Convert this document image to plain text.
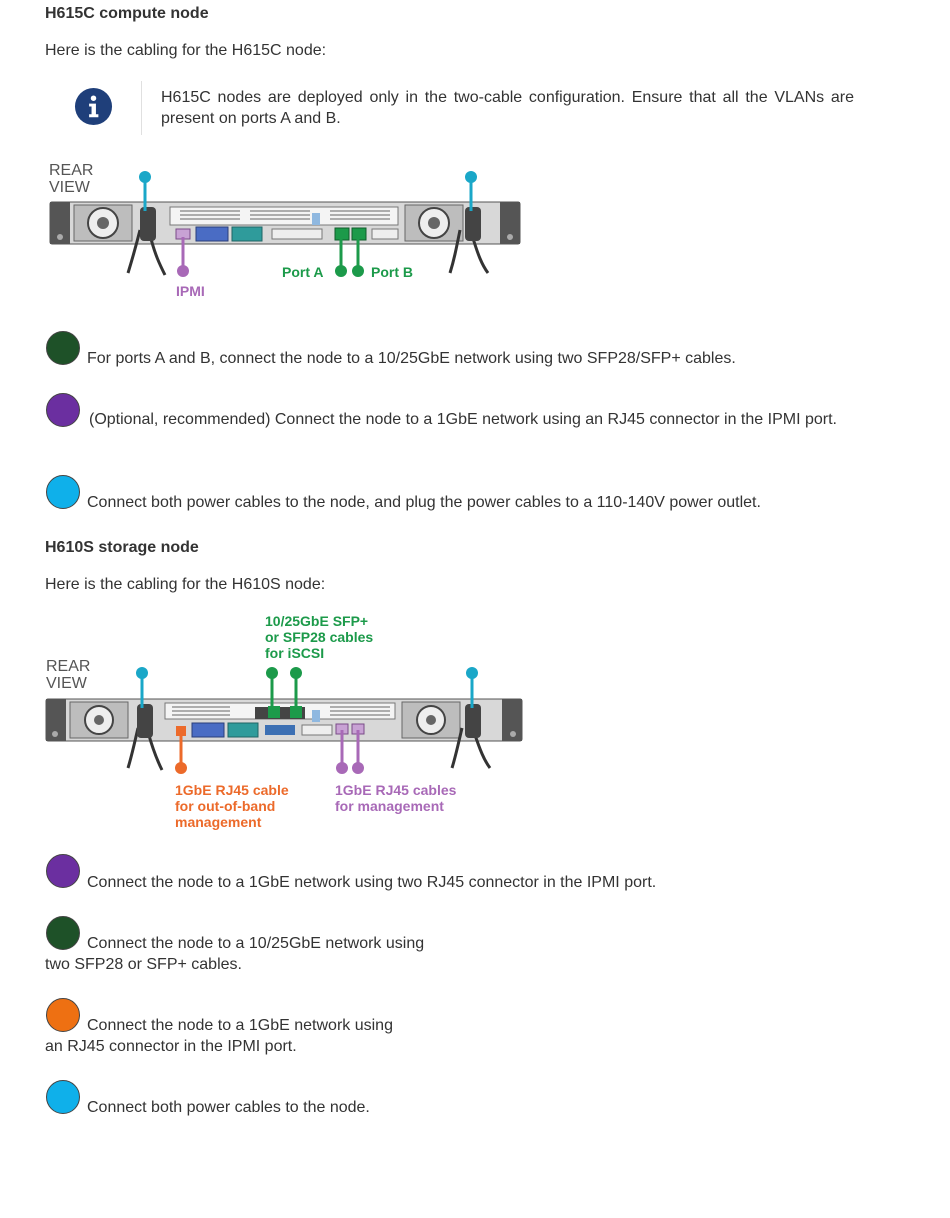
H615C compute node
Here is the cabling for the H615C node:
H615C nodes are deployed only in the two-cable configuration. Ensure that all the VLANs are present on ports A and B.
REAR
VIEW
IPMI
Port A	Port B
For ports A and B, connect the node to a 10/25GbE network using two SFP28/SFP+ cables.
(Optional, recommended) Connect the node to a 1GbE network using an RJ45 connector in the IPMI port.
Connect both power cables to the node, and plug the power cables to a 110-140V power outlet.
H610S storage node
Here is the cabling for the H610S node:
REAR
VIEW
10/25GbE SFP+
or SFP28 cables
for iSCSI
1GbE RJ45 cable
for out-of-band
management
1GbE RJ45 cables
for management
Connect the node to a 1GbE network using two RJ45 connector in the IPMI port.
Connect the node to a 10/25GbE network using
two SFP28 or SFP+ cables.
Connect the node to a 1GbE network using
an RJ45 connector in the IPMI port.
Connect both power cables to the node.
